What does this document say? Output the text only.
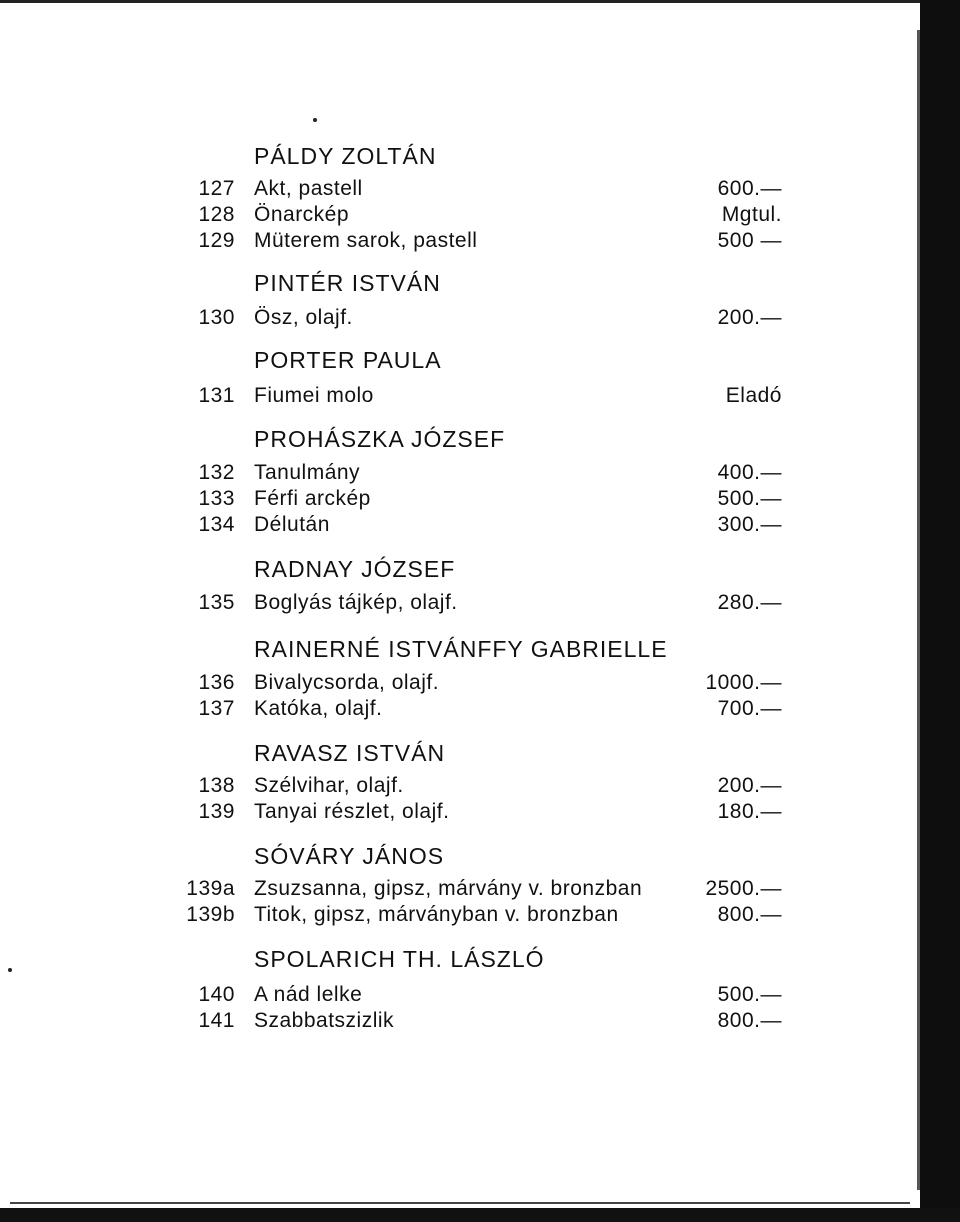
PÁLDY ZOLTÁN
127 Akt, pastell	600.—
128 Önarckép	Mgtul.
129 Müterem sarok, pastell	500 —
PINTÉR ISTVÁN
130 Ösz, olajf.	200.—
PORTER PAULA
131 Fiumei molo	Eladó
PROHÁSZKA JÓZSEF
132 Tanulmány	400.—
133 Férfi arckép	500.—
134 Délután	300.—
RADNAY JÓZSEF
135 Boglyás tájkép, olajf.	280.—
RAINERNÉ ISTVÁNFFY GABRIELLE
136 Bivalycsorda, olajf.	1000.—
137 Katóka, olajf.	700.—
RAVASZ ISTVÁN
138 Szélvihar, olajf.	200.—
139 Tanyai részlet, olajf.	180.—
SÓVÁRY JÁNOS
139a Zsuzsanna, gipsz, márvány v. bronzban	2500.—
139b Titok, gipsz, márványban v. bronzban	800.—
SPOLARICH TH. LÁSZLÓ
140 A nád lelke	500.—
141 Szabbatszizlik	800.—
